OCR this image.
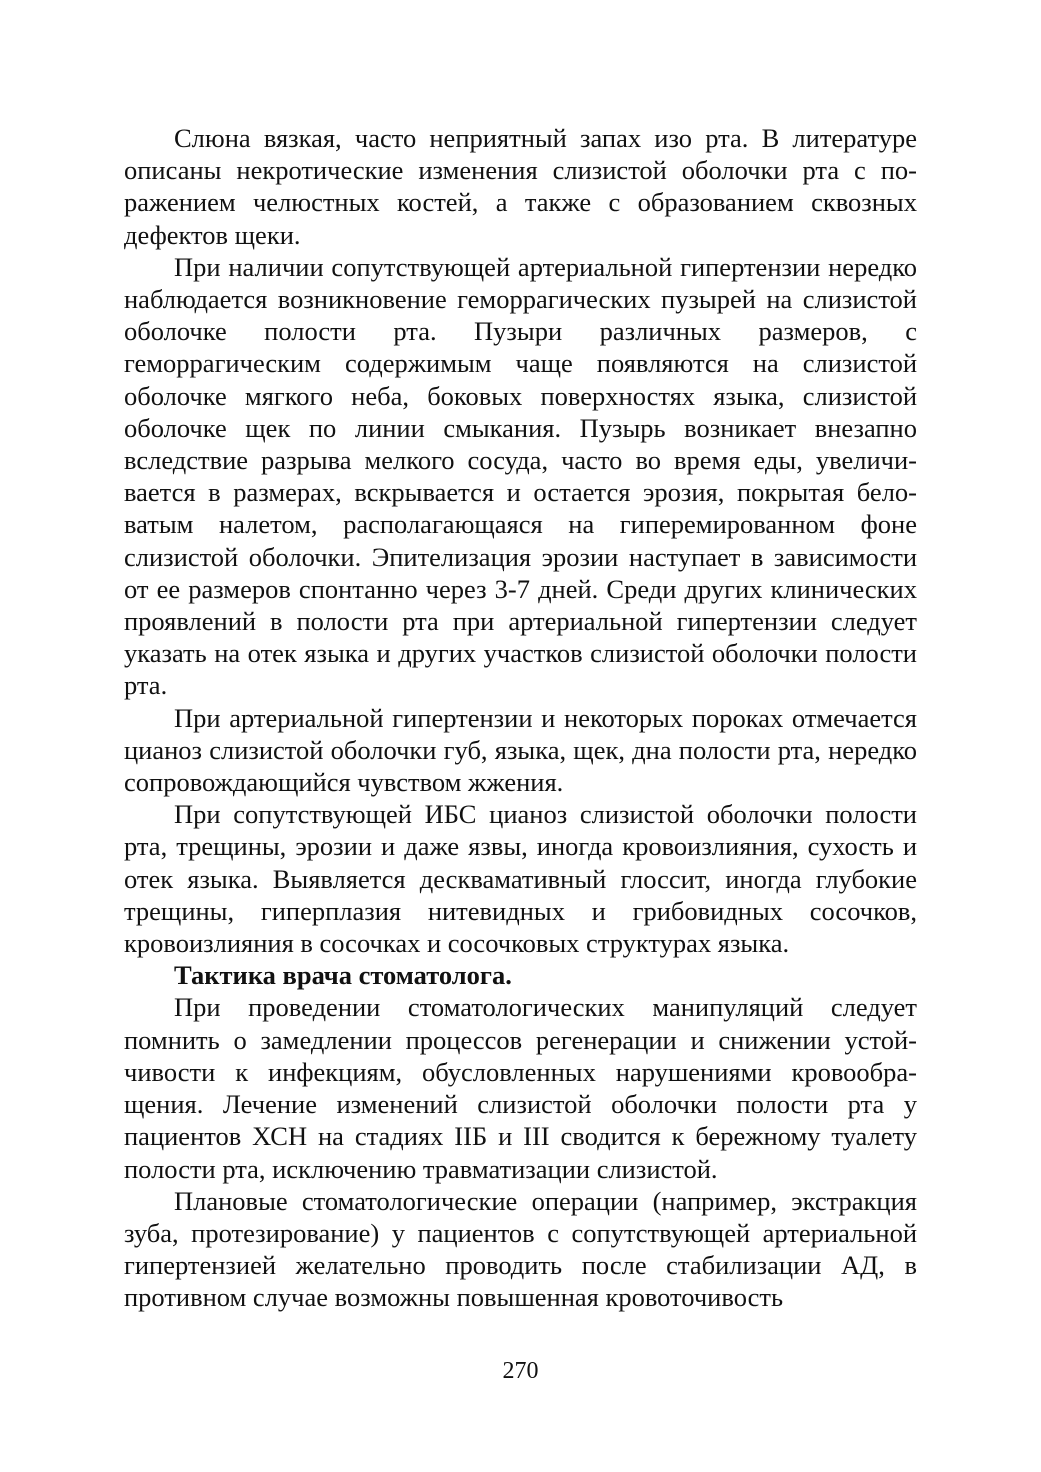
Слюна вязкая, часто неприятный запах изо рта. В литературе описаны некротические изменения слизистой оболочки рта с поражением челюстных костей, а также с образованием сквозных дефектов щеки.

При наличии сопутствующей артериальной гипертензии нередко наблюдается возникновение геморрагических пузырей на слизистой оболочке полости рта. Пузыри различных размеров, с геморрагическим содержимым чаще появляются на слизистой оболочке мягкого неба, боковых поверхностях языка, слизистой оболочке щек по линии смыкания. Пузырь возникает внезапно вследствие разрыва мелкого сосуда, часто во время еды, увеличивается в размерах, вскрывается и остается эрозия, покрытая беловатым налетом, располагающаяся на гиперемированном фоне слизистой оболочки. Эпителизация эрозии наступает в зависимости от ее размеров спонтанно через 3-7 дней. Среди других клинических проявлений в полости рта при артериальной гипертензии следует указать на отек языка и других участков слизистой оболочки полости рта.

При артериальной гипертензии и некоторых пороках отмечается цианоз слизистой оболочки губ, языка, щек, дна полости рта, нередко сопровождающийся чувством жжения.

При сопутствующей ИБС цианоз слизистой оболочки полости рта, трещины, эрозии и даже язвы, иногда кровоизлияния, сухость и отек языка. Выявляется десквамативный глоссит, иногда глубокие трещины, гиперплазия нитевидных и грибовидных сосочков, кровоизлияния в сосочках и сосочковых структурах языка.

Тактика врача стоматолога.

При проведении стоматологических манипуляций следует помнить о замедлении процессов регенерации и снижении устойчивости к инфекциям, обусловленных нарушениями кровообращения. Лечение изменений слизистой оболочки полости рта у пациентов ХСН на стадиях IIБ и III сводится к бережному туалету полости рта, исключению травматизации слизистой.

Плановые стоматологические операции (например, экстракция зуба, протезирование) у пациентов с сопутствующей артериальной гипертензией желательно проводить после стабилизации АД, в противном случае возможны повышенная кровоточивость

270
